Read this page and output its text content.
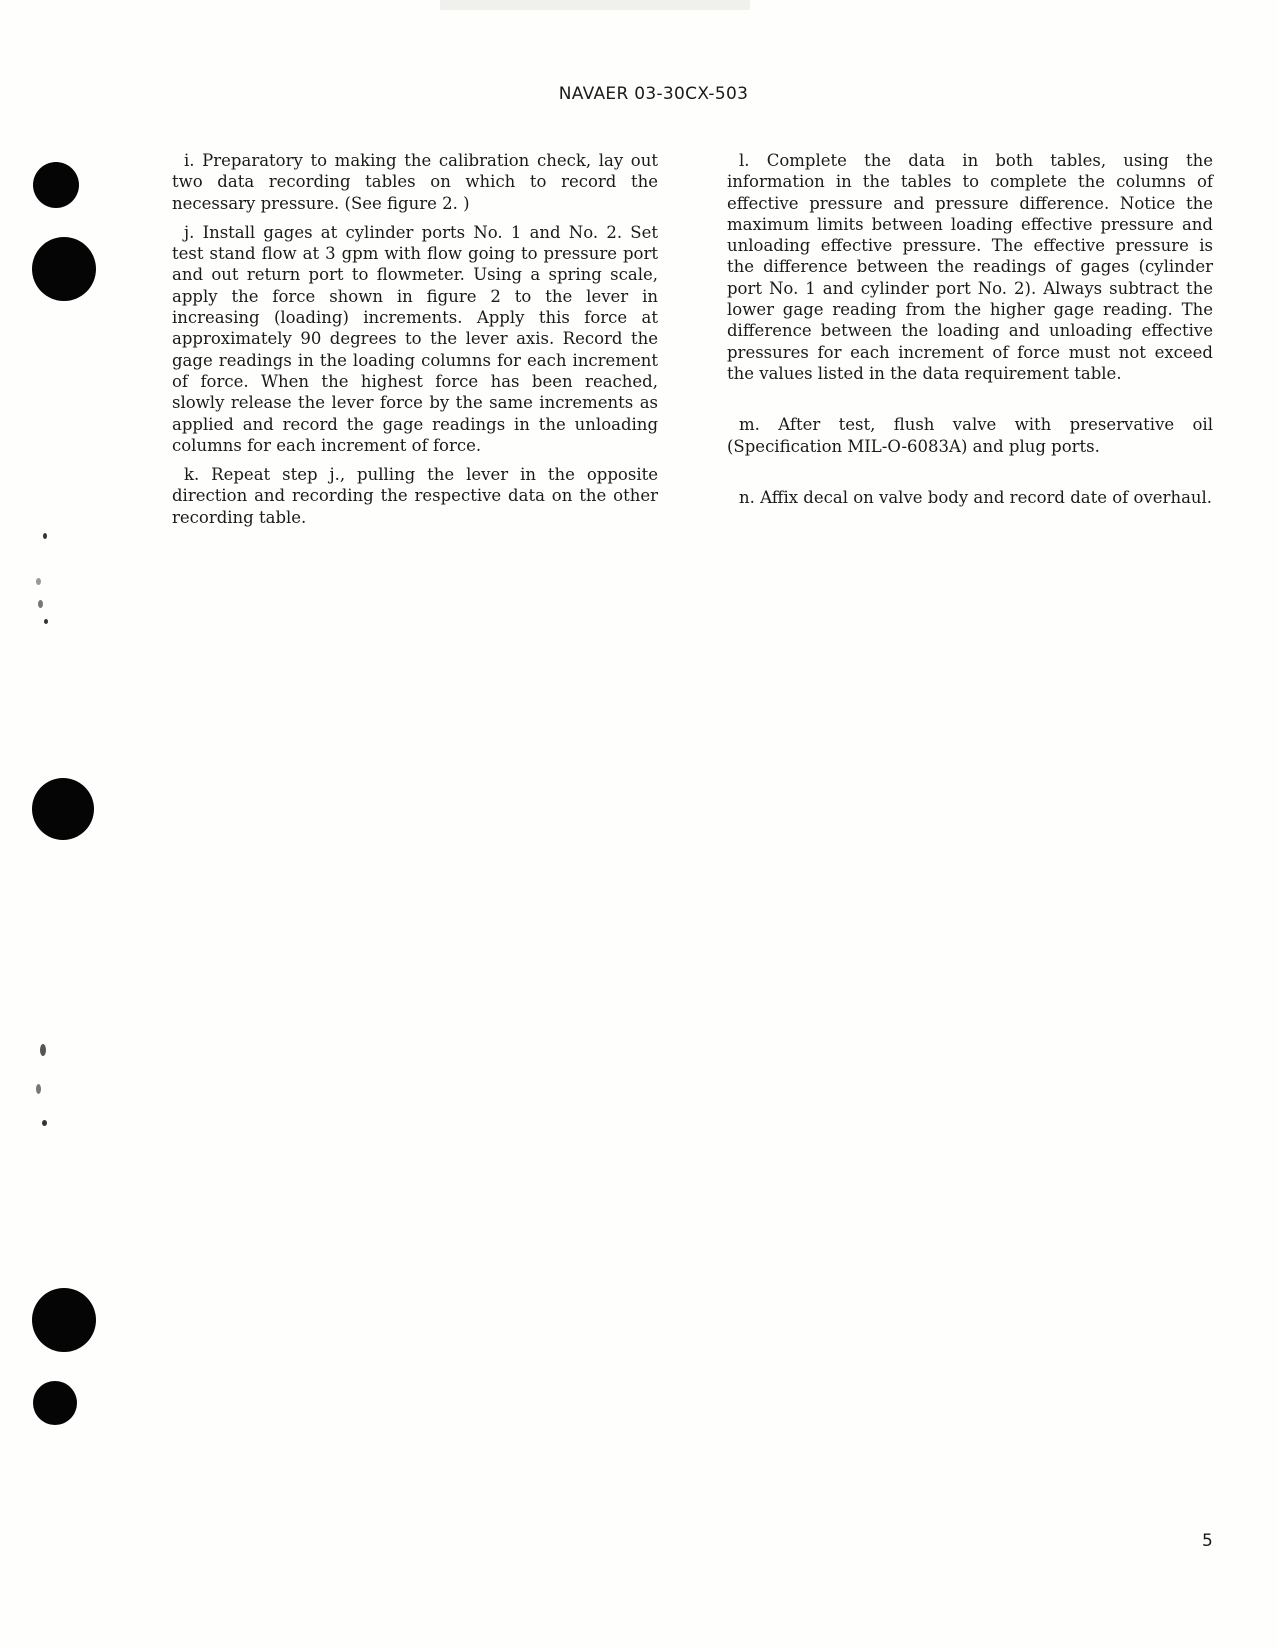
NAVAER 03-30CX-503

i. Preparatory to making the calibration check, lay out two data recording tables on which to record the necessary pressure. (See figure 2. )

j. Install gages at cylinder ports No. 1 and No. 2. Set test stand flow at 3 gpm with flow going to pressure port and out return port to flowmeter. Using a spring scale, apply the force shown in figure 2 to the lever in increasing (loading) increments. Apply this force at approximately 90 degrees to the lever axis. Record the gage readings in the loading columns for each increment of force. When the highest force has been reached, slowly release the lever force by the same increments as applied and record the gage readings in the unloading columns for each increment of force.

k. Repeat step j., pulling the lever in the opposite direction and recording the respective data on the other recording table.

l. Complete the data in both tables, using the information in the tables to complete the columns of effective pressure and pressure difference. Notice the maximum limits between loading effective pressure and unloading effective pressure. The effective pressure is the difference between the readings of gages (cylinder port No. 1 and cylinder port No. 2). Always subtract the lower gage reading from the higher gage reading. The difference between the loading and unloading effective pressures for each increment of force must not exceed the values listed in the data requirement table.

m. After test, flush valve with preservative oil (Specification MIL-O-6083A) and plug ports.

n. Affix decal on valve body and record date of overhaul.

5
